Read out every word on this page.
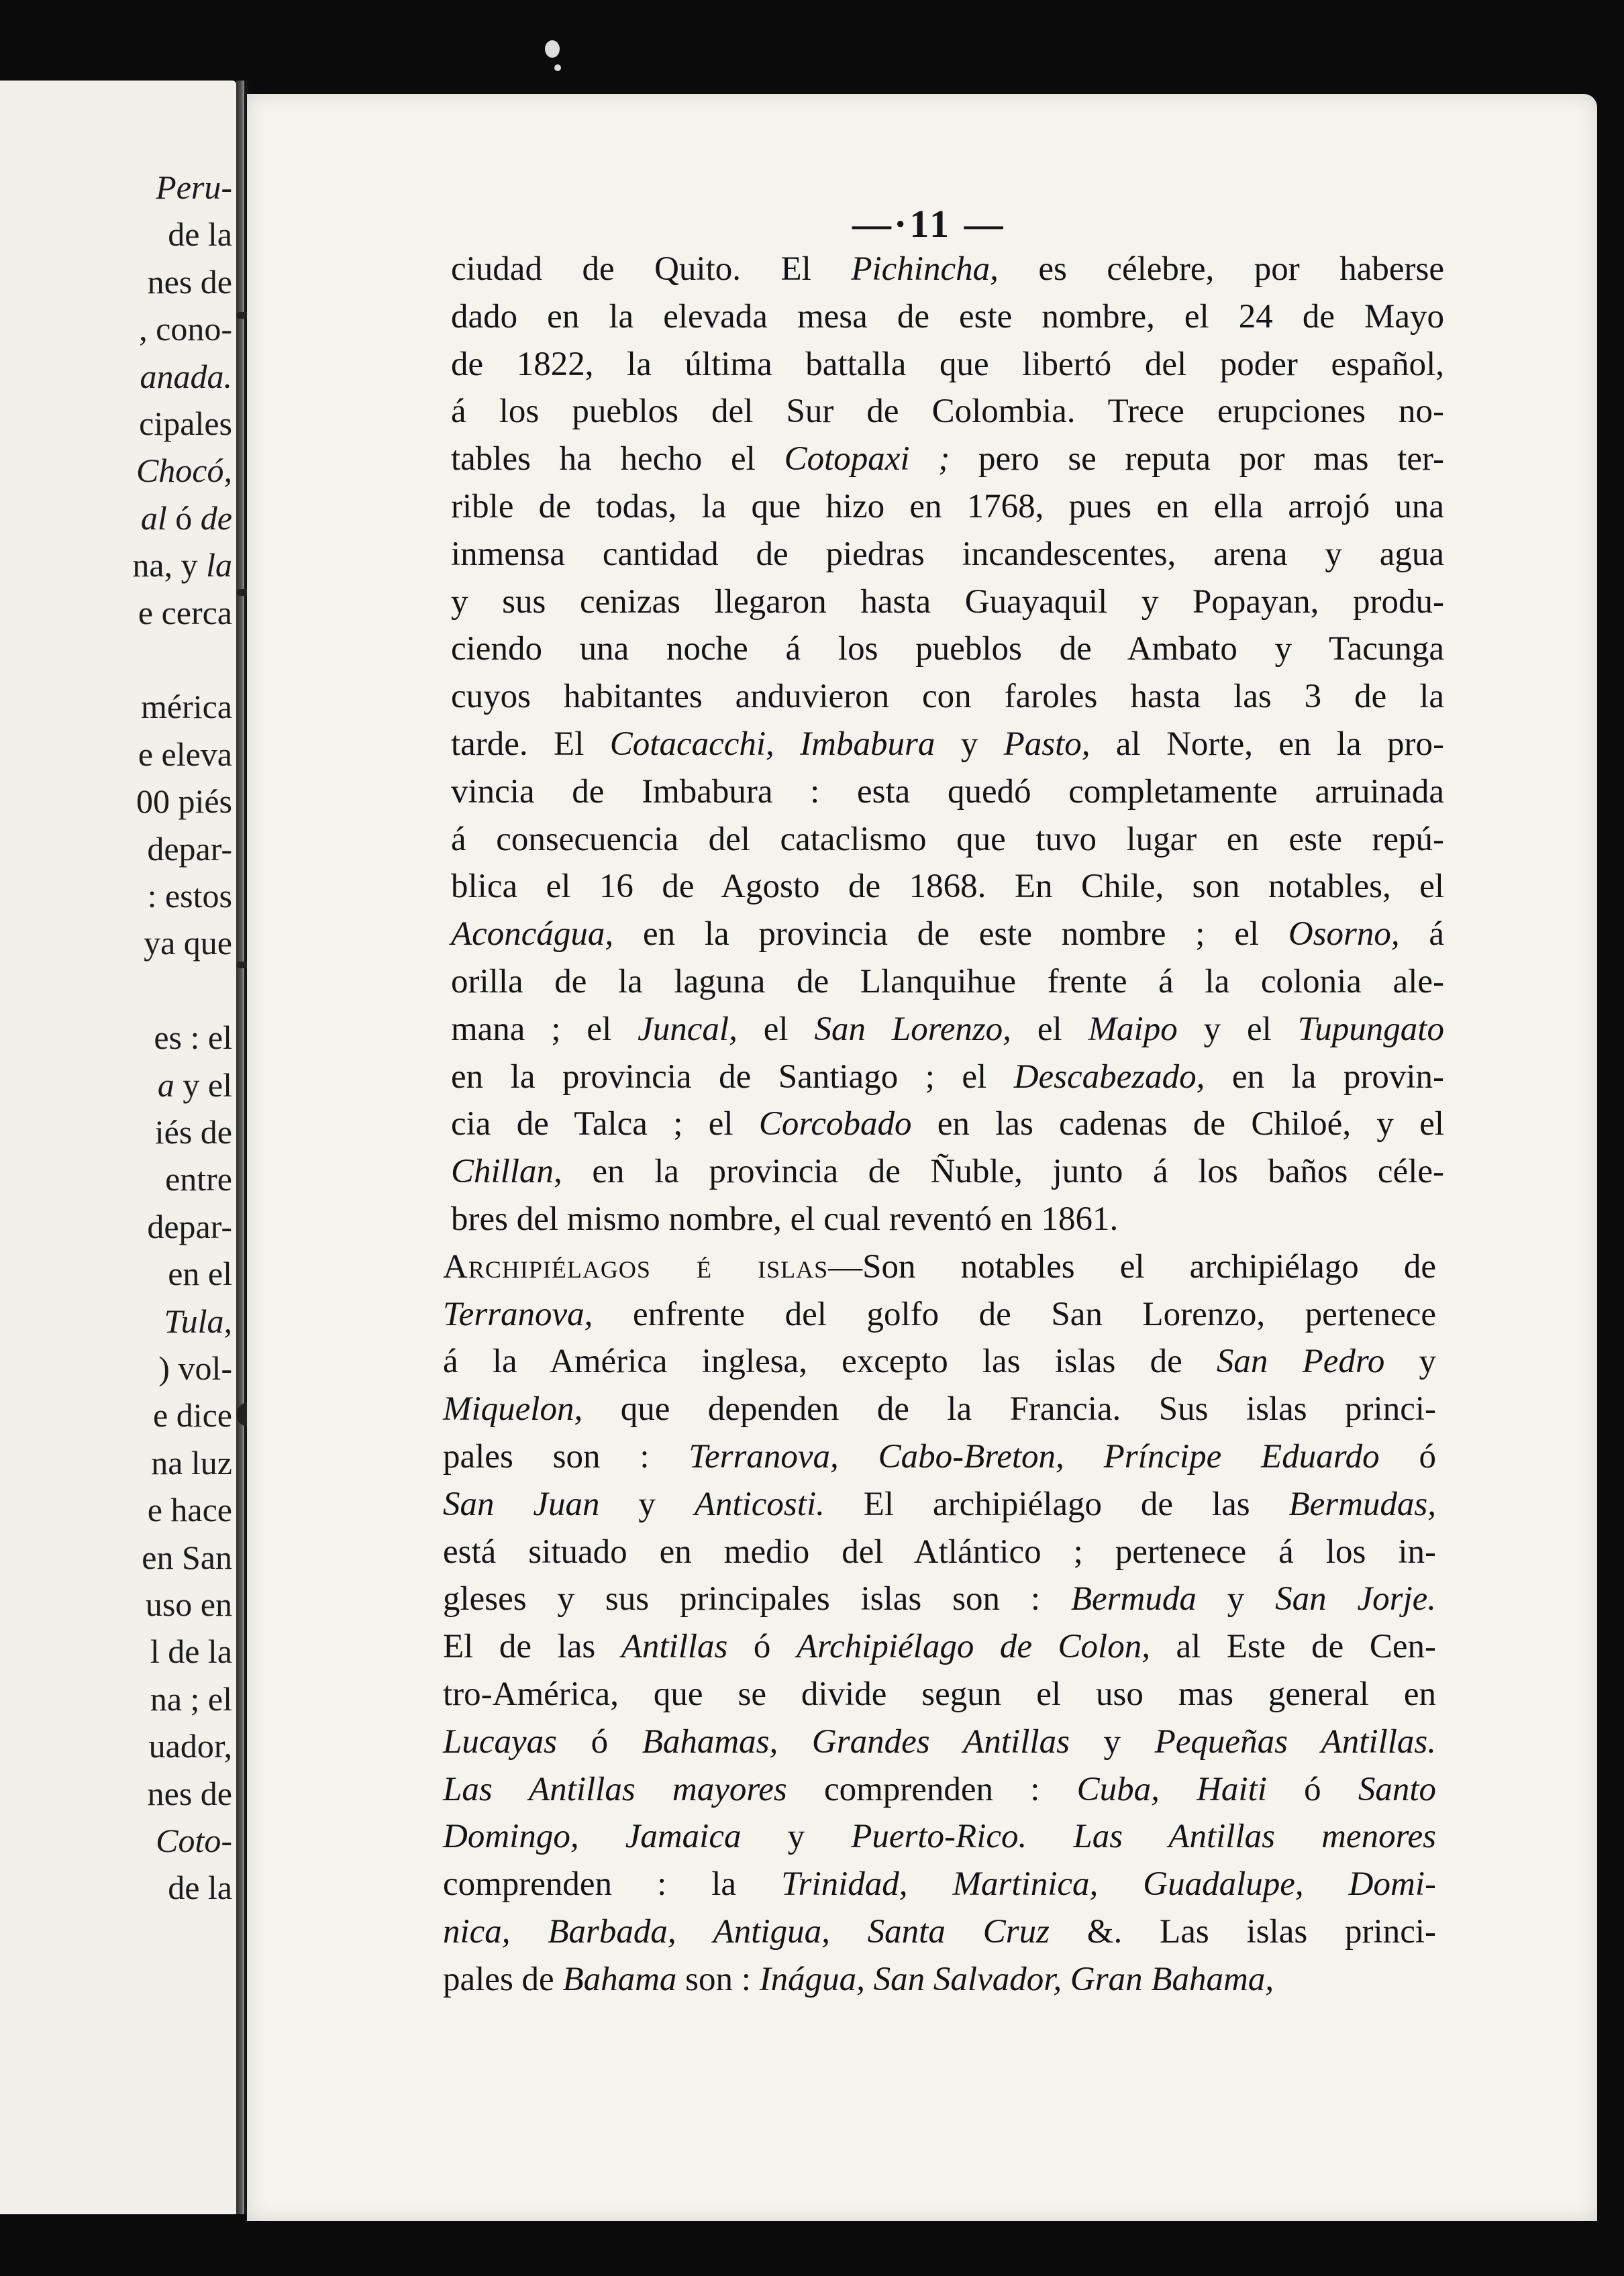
Peru-
de la
nes de
, cono-
anada.
cipales
Chocó,
al ó de
na, y la
e cerca
mérica
e eleva
00 piés
depar-
: estos
ya que
es : el
a y el
iés de
entre
depar-
en el
Tula,
) vol-
e dice
na luz
e hace
en San
uso en
l de la
na ; el
uador,
nes de
Coto-
de la
—·11 —
ciudad de Quito. El Pichincha, es célebre, por haberse
dado en la elevada mesa de este nombre, el 24 de Mayo
de 1822, la última battalla que libertó del poder español,
á los pueblos del Sur de Colombia. Trece erupciones no-
tables ha hecho el Cotopaxi ; pero se reputa por mas ter-
rible de todas, la que hizo en 1768, pues en ella arrojó una
inmensa cantidad de piedras incandescentes, arena y agua
y sus cenizas llegaron hasta Guayaquil y Popayan, produ-
ciendo una noche á los pueblos de Ambato y Tacunga
cuyos habitantes anduvieron con faroles hasta las 3 de la
tarde. El Cotacacchi, Imbabura y Pasto, al Norte, en la pro-
vincia de Imbabura : esta quedó completamente arruinada
á consecuencia del cataclismo que tuvo lugar en este repú-
blica el 16 de Agosto de 1868. En Chile, son notables, el
Aconcágua, en la provincia de este nombre ; el Osorno, á
orilla de la laguna de Llanquihue frente á la colonia ale-
mana ; el Juncal, el San Lorenzo, el Maipo y el Tupungato
en la provincia de Santiago ; el Descabezado, en la provin-
cia de Talca ; el Corcobado en las cadenas de Chiloé, y el
Chillan, en la provincia de Ñuble, junto á los baños céle-
bres del mismo nombre, el cual reventó en 1861.
Archipiélagos é islas—Son notables el archipiélago de
Terranova, enfrente del golfo de San Lorenzo, pertenece
á la América inglesa, excepto las islas de San Pedro y
Miquelon, que dependen de la Francia. Sus islas princi-
pales son : Terranova, Cabo-Breton, Príncipe Eduardo ó
San Juan y Anticosti. El archipiélago de las Bermudas,
está situado en medio del Atlántico ; pertenece á los in-
gleses y sus principales islas son : Bermuda y San Jorje.
El de las Antillas ó Archipiélago de Colon, al Este de Cen-
tro-América, que se divide segun el uso mas general en
Lucayas ó Bahamas, Grandes Antillas y Pequeñas Antillas.
Las Antillas mayores comprenden : Cuba, Haiti ó Santo
Domingo, Jamaica y Puerto-Rico. Las Antillas menores
comprenden : la Trinidad, Martinica, Guadalupe, Domi-
nica, Barbada, Antigua, Santa Cruz &. Las islas princi-
pales de Bahama son : Inágua, San Salvador, Gran Bahama,
